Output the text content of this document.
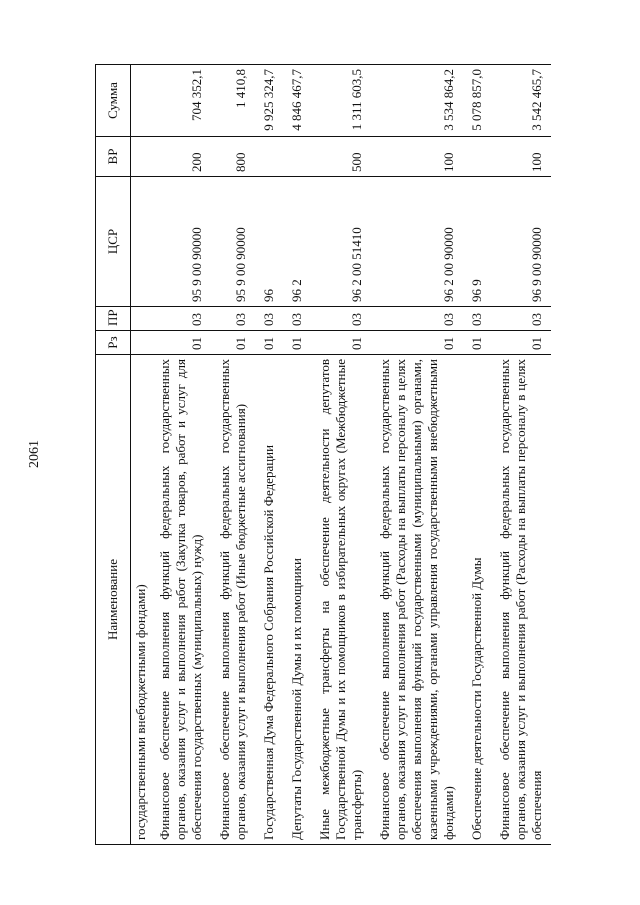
2061
Наименование	Рз	ПР	ЦСР	ВР	Сумма
государственными внебюджетными фондами)					
Финансовое обеспечение выполнения функций федеральных государственных органов, оказания услуг и выполнения работ (Закупка товаров, работ и услуг для обеспечения государственных (муниципальных) нужд)	01	03	95 9 00 90000	200	704 352,1
Финансовое обеспечение выполнения функций федеральных государственных органов, оказания услуг и выполнения работ (Иные бюджетные ассигнования)	01	03	95 9 00 90000	800	1 410,8
Государственная Дума Федерального Собрания Российской Федерации	01	03	96		9 925 324,7
Депутаты Государственной Думы и их помощники	01	03	96 2		4 846 467,7
Иные межбюджетные трансферты на обеспечение деятельности депутатов Государственной Думы и их помощников в избирательных округах (Межбюджетные трансферты)	01	03	96 2 00 51410	500	1 311 603,5
Финансовое обеспечение выполнения функций федеральных государственных органов, оказания услуг и выполнения работ (Расходы на выплаты персоналу в целях обеспечения выполнения функций государственными (муниципальными) органами, казенными учреждениями, органами управления государственными внебюджетными фондами)	01	03	96 2 00 90000	100	3 534 864,2
Обеспечение деятельности Государственной Думы	01	03	96 9		5 078 857,0
Финансовое обеспечение выполнения функций федеральных государственных органов, оказания услуг и выполнения работ (Расходы на выплаты персоналу в целях обеспечения	01	03	96 9 00 90000	100	3 542 465,7
